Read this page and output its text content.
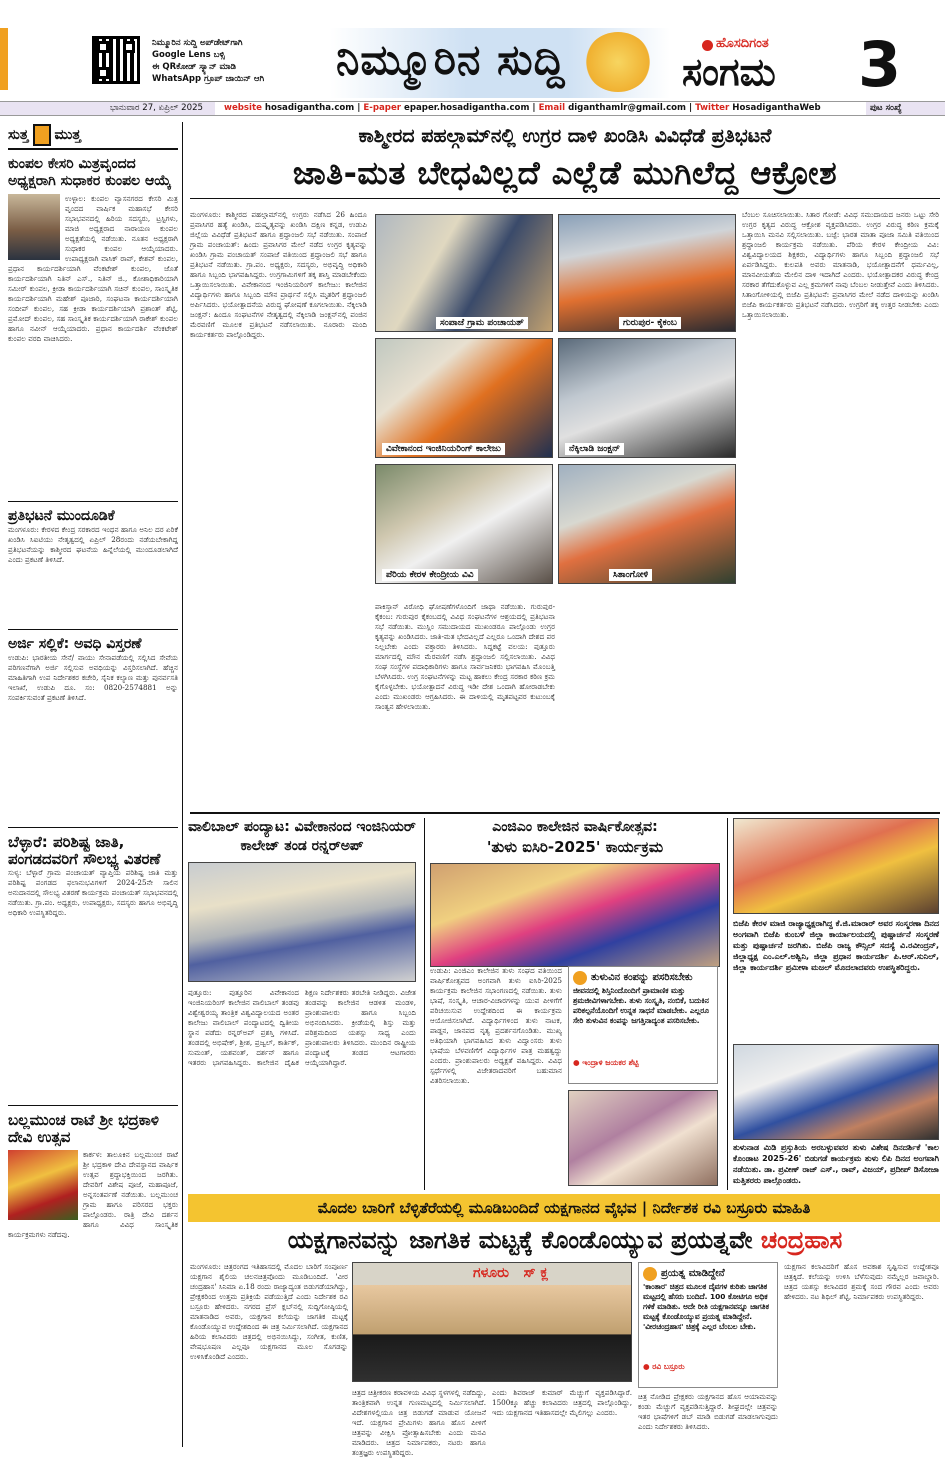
ನಿಮ್ಮೂರಿನ ಸುದ್ದಿ ಅಪ್‌ಡೇಟ್‌ಗಾಗಿ
Google Lens ಬಳ್ಸಿ
ಈ QRಕೋಡ್ ಸ್ಕ್ಯಾನ್ ಮಾಡಿ
WhatsApp ಗ್ರೂಪ್ ಜಾಯಿನ್ ಆಗಿ	ನಿಮ್ಮೂರಿನ ಸುದ್ದಿ	ಹೊಸದಿಗಂತ
ಸಂಗಮ 3
ಭಾನುವಾರ 27, ಏಪ್ರಿಲ್ 2025 website hosadigantha.com | E-paper epaper.hosadigantha.com | Email diganthamlr@gmail.com | Twitter HosadiganthaWeb	ಪುಟ ಸಂಖ್ಯೆ
ಸುತ್ತ ಮುತ್ತ
ಕುಂಪಲ ಕೇಸರಿ ಮಿತ್ರವೃಂದದ ಅಧ್ಯಕ್ಷರಾಗಿ ಸುಧಾಕರ ಕುಂಪಲ ಆಯ್ಕೆ
ಉಳ್ಳಾಲ: ಕುಂಪಲ ವ್ಯಾಸನಗರದ ಕೇಸರಿ ಮಿತ್ರ ವೃಂದದ ವಾರ್ಷಿಕ ಮಹಾಸಭೆ ಕೇಸರಿ ಸಭಾಭವನದಲ್ಲಿ ಹಿರಿಯ ಸದಸ್ಯರು, ಟ್ರಸ್ಟಿಗಳು, ಮಾಜಿ ಅಧ್ಯಕ್ಷರಾದ ನಾರಾಯಣ ಕುಂಪಲ ಅಧ್ಯಕ್ಷತೆಯಲ್ಲಿ ನಡೆಯಿತು. ನೂತನ ಅಧ್ಯಕ್ಷರಾಗಿ ಸುಧಾಕರ ಕುಂಪಲ ಆಯ್ಕೆಯಾದರು. ಉಪಾಧ್ಯಕ್ಷರಾಗಿ ವಾಸಿಕ್ ರಾವ್, ಕೇಶವ್ ಕುಂಪಲ, ಪ್ರಧಾನ ಕಾರ್ಯದರ್ಶಿಯಾಗಿ ವೆಂಕಟೇಶ್ ಕುಂಪಲ, ಜೊತೆ ಕಾರ್ಯದರ್ಶಿಯಾಗಿ ನಿತಿನ್ ಎಸ್., ನಿತಿನ್ ಜಿ., ಕೋಶಾಧಿಕಾರಿಯಾಗಿ ಸಮೀರ್ ಕುಂಪಲ, ಕ್ರೀಡಾ ಕಾರ್ಯದರ್ಶಿಯಾಗಿ ಸಚಿನ್ ಕುಂಪಲ, ಸಾಂಸ್ಕೃತಿಕ ಕಾರ್ಯದರ್ಶಿಯಾಗಿ ಮಹೇಶ್ ಪೂಜಾರಿ, ಸಂಘಟನಾ ಕಾರ್ಯದರ್ಶಿಯಾಗಿ ಸಂದೀಪ್ ಕುಂಪಲ, ಸಹ ಕ್ರೀಡಾ ಕಾರ್ಯದರ್ಶಿಯಾಗಿ ಪ್ರಶಾಂತ್ ಶೆಟ್ಟಿ, ಪ್ರಮೋದ್ ಕುಂಪಲ, ಸಹ ಸಾಂಸ್ಕೃತಿಕ ಕಾರ್ಯದರ್ಶಿಯಾಗಿ ರಾಕೇಶ್ ಕುಂಪಲ ಹಾಗೂ ನವೀನ್ ಆಯ್ಕೆಯಾದರು. ಪ್ರಧಾನ ಕಾರ್ಯದರ್ಶಿ ವೆಂಕಟೇಶ್ ಕುಂಪಲ ವರದಿ ವಾಚಿಸಿದರು.
ಪ್ರತಿಭಟನೆ ಮುಂದೂಡಿಕೆ
ಮಂಗಳೂರು: ಕೇರಳದ ಕೇಂದ್ರ ಸರಕಾರದ ಇಂಧನ ಹಾಗೂ ಅನಿಲ ದರ ಏರಿಕೆ ಖಂಡಿಸಿ ಸಿಐಟಿಯು ನೇತೃತ್ವದಲ್ಲಿ ಏಪ್ರಿಲ್ 28ರಂದು ನಡೆಯಬೇಕಾಗಿದ್ದ ಪ್ರತಿಭಟನೆಯನ್ನು ಕಾಶ್ಮೀರದ ಘಟನೆಯ ಹಿನ್ನೆಲೆಯಲ್ಲಿ ಮುಂದೂಡಲಾಗಿದೆ ಎಂದು ಪ್ರಕಟಣೆ ತಿಳಿಸಿದೆ.
ಅರ್ಜಿ ಸಲ್ಲಿಕೆ: ಅವಧಿ ವಿಸ್ತರಣೆ
ಉಡುಪಿ: ಭಾರತೀಯ ಸೇನೆ/ ವಾಯು ಸೇನಾಪಡೆಯಲ್ಲಿ ಸಲ್ಲಿಸಿದ ಸೇವೆಯ ಪರಿಗಣನೆಗಾಗಿ ಅರ್ಜಿ ಸಲ್ಲಿಸುವ ಅವಧಿಯನ್ನು ವಿಸ್ತರಿಸಲಾಗಿದೆ. ಹೆಚ್ಚಿನ ಮಾಹಿತಿಗಾಗಿ ಉಪ ನಿರ್ದೇಶಕರ ಕಚೇರಿ, ಸೈನಿಕ ಕಲ್ಯಾಣ ಮತ್ತು ಪುನರ್ವಸತಿ ಇಲಾಖೆ, ಉಡುಪಿ ದೂ. ಸಂ: 0820-2574881 ಅನ್ನು ಸಂಪರ್ಕಿಸುವಂತೆ ಪ್ರಕಟಣೆ ತಿಳಿಸಿದೆ.
ಬೆಳ್ಳಾರೆ: ಪರಿಶಿಷ್ಟ ಜಾತಿ, ಪಂಗಡದವರಿಗೆ ಸೌಲಭ್ಯ ವಿತರಣೆ
ಸುಳ್ಯ: ಬೆಳ್ಳಾರೆ ಗ್ರಾಮ ಪಂಚಾಯತ್ ವ್ಯಾಪ್ತಿಯ ಪರಿಶಿಷ್ಟ ಜಾತಿ ಮತ್ತು ಪರಿಶಿಷ್ಟ ಪಂಗಡದ ಫಲಾನುಭವಿಗಳಿಗೆ 2024-25ನೇ ಸಾಲಿನ ಅನುದಾನದಲ್ಲಿ ಸೌಲಭ್ಯ ವಿತರಣೆ ಕಾರ್ಯಕ್ರಮ ಪಂಚಾಯತ್ ಸಭಾಭವನದಲ್ಲಿ ನಡೆಯಿತು. ಗ್ರಾ.ಪಂ. ಅಧ್ಯಕ್ಷರು, ಉಪಾಧ್ಯಕ್ಷರು, ಸದಸ್ಯರು ಹಾಗೂ ಅಭಿವೃದ್ಧಿ ಅಧಿಕಾರಿ ಉಪಸ್ಥಿತರಿದ್ದರು.
ಬಲ್ಲಮುಂಚ ರಾಟೆ ಶ್ರೀ ಭದ್ರಕಾಳಿ ದೇವಿ ಉತ್ಸವ
ಕಾರ್ಕಳ: ತಾಲೂಕಿನ ಬಲ್ಲಮುಂಚ ರಾಟೆ ಶ್ರೀ ಭದ್ರಕಾಳಿ ದೇವಿ ದೇವಸ್ಥಾನದ ವಾರ್ಷಿಕ ಉತ್ಸವ ಶ್ರದ್ಧಾಭಕ್ತಿಯಿಂದ ಜರಗಿತು. ದೇವರಿಗೆ ವಿಶೇಷ ಪೂಜೆ, ಮಹಾಪೂಜೆ, ಅನ್ನಸಂತರ್ಪಣೆ ನಡೆಯಿತು. ಬಲ್ಲಮುಂಚ ಗ್ರಾಮ ಹಾಗೂ ಪರಿಸರದ ಭಕ್ತರು ಪಾಲ್ಗೊಂಡರು. ರಾತ್ರಿ ದೇವಿ ದರ್ಶನ ಹಾಗೂ ವಿವಿಧ ಸಾಂಸ್ಕೃತಿಕ ಕಾರ್ಯಕ್ರಮಗಳು ನಡೆದವು.
ಕಾಶ್ಮೀರದ ಪಹಲ್ಗಾಮ್‌ನಲ್ಲಿ ಉಗ್ರರ ದಾಳಿ ಖಂಡಿಸಿ ವಿವಿಧೆಡೆ ಪ್ರತಿಭಟನೆ
ಜಾತಿ-ಮತ ಬೇಧವಿಲ್ಲದೆ ಎಲ್ಲೆಡೆ ಮುಗಿಲೆದ್ದ ಆಕ್ರೋಶ
ಮಂಗಳೂರು: ಕಾಶ್ಮೀರದ ಪಹಲ್ಗಾಮ್‌ನಲ್ಲಿ ಉಗ್ರರು ನಡೆಸಿದ 26 ಹಿಂದೂ ಪ್ರವಾಸಿಗರ ಹತ್ಯೆ ಖಂಡಿಸಿ, ದುಷ್ಕೃತ್ಯವನ್ನು ಖಂಡಿಸಿ ದಕ್ಷಿಣ ಕನ್ನಡ, ಉಡುಪಿ ಜಿಲ್ಲೆಯ ವಿವಿಧೆಡೆ ಪ್ರತಿಭಟನೆ ಹಾಗೂ ಶ್ರದ್ಧಾಂಜಲಿ ಸಭೆ ನಡೆಯಿತು. ಸಂಪಾಜೆ ಗ್ರಾಮ ಪಂಚಾಯತ್: ಹಿಂದು ಪ್ರವಾಸಿಗರ ಮೇಲೆ ನಡೆದ ಉಗ್ರರ ಕೃತ್ಯವನ್ನು ಖಂಡಿಸಿ ಗ್ರಾಮ ಪಂಚಾಯತ್ ಸಂಪಾಜೆ ವತಿಯಿಂದ ಶ್ರದ್ಧಾಂಜಲಿ ಸಭೆ ಹಾಗೂ ಪ್ರತಿಭಟನೆ ನಡೆಯಿತು. ಗ್ರಾ.ಪಂ. ಅಧ್ಯಕ್ಷರು, ಸದಸ್ಯರು, ಅಭಿವೃದ್ಧಿ ಅಧಿಕಾರಿ ಹಾಗೂ ಸಿಬ್ಬಂದಿ ಭಾಗವಹಿಸಿದ್ದರು. ಉಗ್ರಗಾಮಿಗಳಿಗೆ ತಕ್ಕ ಶಾಸ್ತಿ ಮಾಡಬೇಕೆಂದು ಒತ್ತಾಯಿಸಲಾಯಿತು. ವಿವೇಕಾನಂದ ಇಂಜಿನಿಯರಿಂಗ್ ಕಾಲೇಜು: ಕಾಲೇಜಿನ ವಿದ್ಯಾರ್ಥಿಗಳು ಹಾಗೂ ಸಿಬ್ಬಂದಿ ಮೌನ ಪ್ರಾರ್ಥನೆ ಸಲ್ಲಿಸಿ ಮೃತರಿಗೆ ಶ್ರದ್ಧಾಂಜಲಿ ಅರ್ಪಿಸಿದರು. ಭಯೋತ್ಪಾದನೆಯ ವಿರುದ್ಧ ಘೋಷಣೆ ಕೂಗಲಾಯಿತು. ನೆಕ್ಕಿಲಾಡಿ ಜಂಕ್ಷನ್: ಹಿಂದೂ ಸಂಘಟನೆಗಳ ನೇತೃತ್ವದಲ್ಲಿ ನೆಕ್ಕಿಲಾಡಿ ಜಂಕ್ಷನ್‌ನಲ್ಲಿ ಪಂಜಿನ ಮೆರವಣಿಗೆ ಮೂಲಕ ಪ್ರತಿಭಟನೆ ನಡೆಸಲಾಯಿತು. ನೂರಾರು ಮಂದಿ ಕಾರ್ಯಕರ್ತರು ಪಾಲ್ಗೊಂಡಿದ್ದರು.
ಪಾಕಿಸ್ತಾನ್ ವಿರೋಧಿ ಘೋಷಣೆಗಳೊಂದಿಗೆ ಜಾಥಾ ನಡೆಯಿತು. ಗುರುಪುರ-ಕೈಕಂಬ: ಗುರುಪುರ ಕೈಕಂಬದಲ್ಲಿ ವಿವಿಧ ಸಂಘಟನೆಗಳ ಆಶ್ರಯದಲ್ಲಿ ಪ್ರತಿಭಟನಾ ಸಭೆ ನಡೆಯಿತು. ಮುಸ್ಲಿಂ ಸಮುದಾಯದ ಮುಖಂಡರೂ ಪಾಲ್ಗೊಂಡು ಉಗ್ರರ ಕೃತ್ಯವನ್ನು ಖಂಡಿಸಿದರು. ಜಾತಿ-ಮತ ಭೇದವಿಲ್ಲದೆ ಎಲ್ಲರೂ ಒಂದಾಗಿ ದೇಶದ ಪರ ನಿಲ್ಲಬೇಕು ಎಂದು ವಕ್ತಾರರು ತಿಳಿಸಿದರು. ಸಿದ್ದಕಟ್ಟೆ ವಲಯ: ಪುತ್ತೂರು ಮಾರ್ಗದಲ್ಲಿ ಮೌನ ಮೆರವಣಿಗೆ ನಡೆಸಿ ಶ್ರದ್ಧಾಂಜಲಿ ಸಲ್ಲಿಸಲಾಯಿತು. ವಿವಿಧ ಸಂಘ ಸಂಸ್ಥೆಗಳ ಪದಾಧಿಕಾರಿಗಳು ಹಾಗೂ ಸಾರ್ವಜನಿಕರು ಭಾಗವಹಿಸಿ ಮೊಂಬತ್ತಿ ಬೆಳಗಿಸಿದರು. ಉಗ್ರ ಸಂಘಟನೆಗಳನ್ನು ಮಟ್ಟ ಹಾಕಲು ಕೇಂದ್ರ ಸರಕಾರ ಕಠಿಣ ಕ್ರಮ ಕೈಗೊಳ್ಳಬೇಕು. ಭಯೋತ್ಪಾದನೆ ವಿರುದ್ಧ ಇಡೀ ದೇಶ ಒಂದಾಗಿ ಹೋರಾಡಬೇಕು ಎಂದು ಮುಖಂಡರು ಆಗ್ರಹಿಸಿದರು. ಈ ದಾಳಿಯಲ್ಲಿ ಮೃತಪಟ್ಟವರ ಕುಟುಂಬಕ್ಕೆ ಸಾಂತ್ವನ ಹೇಳಲಾಯಿತು.
ಬೆಂಬಲ ಸೂಚಿಸಲಾಯಿತು. ಸಿತಾರ ಗೋಡೆ: ವಿವಿಧ ಸಮುದಾಯದ ಜನರು ಒಟ್ಟು ಸೇರಿ ಉಗ್ರರ ಕೃತ್ಯದ ವಿರುದ್ಧ ಆಕ್ರೋಶ ವ್ಯಕ್ತಪಡಿಸಿದರು. ಉಗ್ರರ ವಿರುದ್ಧ ಕಠಿಣ ಕ್ರಮಕ್ಕೆ ಒತ್ತಾಯಿಸಿ ಮನವಿ ಸಲ್ಲಿಸಲಾಯಿತು. ಬಜ್ಪೆ: ಭಾರತ ಮಾತಾ ಪೂಜಾ ಸಮಿತಿ ವತಿಯಿಂದ ಶ್ರದ್ಧಾಂಜಲಿ ಕಾರ್ಯಕ್ರಮ ನಡೆಯಿತು. ಪೆರಿಯ ಕೇರಳ ಕೇಂದ್ರೀಯ ವಿವಿ: ವಿಶ್ವವಿದ್ಯಾಲಯದ ಶಿಕ್ಷಕರು, ವಿದ್ಯಾರ್ಥಿಗಳು ಹಾಗೂ ಸಿಬ್ಬಂದಿ ಶ್ರದ್ಧಾಂಜಲಿ ಸಭೆ ಏರ್ಪಡಿಸಿದ್ದರು. ಕುಲಪತಿ ಅವರು ಮಾತನಾಡಿ, ಭಯೋತ್ಪಾದನೆಗೆ ಧರ್ಮವಿಲ್ಲ, ಮಾನವೀಯತೆಯ ಮೇಲಿನ ದಾಳಿ ಇದಾಗಿದೆ ಎಂದರು. ಭಯೋತ್ಪಾದಕರ ವಿರುದ್ಧ ಕೇಂದ್ರ ಸರಕಾರ ತೆಗೆದುಕೊಳ್ಳುವ ಎಲ್ಲ ಕ್ರಮಗಳಿಗೆ ನಾವು ಬೆಂಬಲ ನೀಡುತ್ತೇವೆ ಎಂದು ತಿಳಿಸಿದರು. ಸಿತಾಂಗೋಳಿಯಲ್ಲಿ ಬಿಜೆಪಿ ಪ್ರತಿಭಟನೆ: ಪ್ರವಾಸಿಗರ ಮೇಲೆ ನಡೆದ ದಾಳಿಯನ್ನು ಖಂಡಿಸಿ ಬಿಜೆಪಿ ಕಾರ್ಯಕರ್ತರು ಪ್ರತಿಭಟನೆ ನಡೆಸಿದರು. ಉಗ್ರರಿಗೆ ತಕ್ಕ ಉತ್ತರ ನೀಡಬೇಕು ಎಂದು ಒತ್ತಾಯಿಸಲಾಯಿತು.
ಸಂಪಾಜೆ ಗ್ರಾಮ ಪಂಚಾಯತ್	ಗುರುಪುರ- ಕೈಕಂಬ
ವಿವೇಕಾನಂದ ಇಂಜಿನಿಯರಿಂಗ್ ಕಾಲೇಜು	ನೆಕ್ಕಿಲಾಡಿ ಜಂಕ್ಷನ್
ಪೆರಿಯ ಕೇರಳ ಕೇಂದ್ರೀಯ ವಿವಿ	ಸಿತಾಂಗೋಳಿ
ವಾಲಿಬಾಲ್ ಪಂದ್ಯಾಟ: ವಿವೇಕಾನಂದ ಇಂಜಿನಿಯರ್ ಕಾಲೇಜ್ ತಂಡ ರನ್ನರ್‌ಅಪ್
ಪುತ್ತೂರು: ಪುತ್ತೂರಿನ ವಿವೇಕಾನಂದ ಇಂಜಿನಿಯರಿಂಗ್ ಕಾಲೇಜಿನ ವಾಲಿಬಾಲ್ ತಂಡವು ವಿಶ್ವೇಶ್ವರಯ್ಯ ತಾಂತ್ರಿಕ ವಿಶ್ವವಿದ್ಯಾಲಯದ ಅಂತರ ಕಾಲೇಜು ವಾಲಿಬಾಲ್ ಪಂದ್ಯಾಟದಲ್ಲಿ ದ್ವಿತೀಯ ಸ್ಥಾನ ಪಡೆದು ರನ್ನರ್‌ಅಪ್ ಪ್ರಶಸ್ತಿ ಗಳಿಸಿದೆ. ತಂಡದಲ್ಲಿ ಅಭಿಷೇಕ್, ಶ್ರೀಶ, ಪ್ರಜ್ವಲ್, ಕಾರ್ತಿಕ್, ಸುಮಂತ್, ಯಶವಂತ್, ದರ್ಶನ್ ಹಾಗೂ ಇತರರು ಭಾಗವಹಿಸಿದ್ದರು. ಕಾಲೇಜಿನ ದೈಹಿಕ ಶಿಕ್ಷಣ ನಿರ್ದೇಶಕರು ತರಬೇತಿ ನೀಡಿದ್ದರು. ವಿಜೇತ ತಂಡವನ್ನು ಕಾಲೇಜಿನ ಆಡಳಿತ ಮಂಡಳಿ, ಪ್ರಾಂಶುಪಾಲರು ಹಾಗೂ ಸಿಬ್ಬಂದಿ ಅಭಿನಂದಿಸಿದರು. ಕ್ರೀಡೆಯಲ್ಲಿ ಶಿಸ್ತು ಮತ್ತು ಪರಿಶ್ರಮದಿಂದ ಯಶಸ್ಸು ಸಾಧ್ಯ ಎಂದು ಪ್ರಾಂಶುಪಾಲರು ತಿಳಿಸಿದರು. ಮುಂದಿನ ರಾಷ್ಟ್ರೀಯ ಪಂದ್ಯಾಟಕ್ಕೆ ತಂಡದ ಆಟಗಾರರು ಆಯ್ಕೆಯಾಗಿದ್ದಾರೆ.
ಎಂಜಿಎಂ ಕಾಲೇಜಿನ ವಾರ್ಷಿಕೋತ್ಸವ:
'ತುಳು ಐಸಿರಿ-2025' ಕಾರ್ಯಕ್ರಮ
ಉಡುಪಿ: ಎಂಜಿಎಂ ಕಾಲೇಜಿನ ತುಳು ಸಂಘದ ವತಿಯಿಂದ ವಾರ್ಷಿಕೋತ್ಸವದ ಅಂಗವಾಗಿ ತುಳು ಐಸಿರಿ-2025 ಕಾರ್ಯಕ್ರಮ ಕಾಲೇಜಿನ ಸಭಾಂಗಣದಲ್ಲಿ ನಡೆಯಿತು. ತುಳು ಭಾಷೆ, ಸಂಸ್ಕೃತಿ, ಆಚಾರ-ವಿಚಾರಗಳನ್ನು ಯುವ ಪೀಳಿಗೆಗೆ ಪರಿಚಯಿಸುವ ಉದ್ದೇಶದಿಂದ ಈ ಕಾರ್ಯಕ್ರಮ ಆಯೋಜಿಸಲಾಗಿದೆ. ವಿದ್ಯಾರ್ಥಿಗಳಿಂದ ತುಳು ನಾಟಕ, ಪಾಡ್ದನ, ಜಾನಪದ ನೃತ್ಯ ಪ್ರದರ್ಶನಗೊಂಡಿತು. ಮುಖ್ಯ ಅತಿಥಿಯಾಗಿ ಭಾಗವಹಿಸಿದ ತುಳು ವಿದ್ವಾಂಸರು ತುಳು ಭಾಷೆಯ ಬೆಳವಣಿಗೆಗೆ ವಿದ್ಯಾರ್ಥಿಗಳ ಪಾತ್ರ ಮಹತ್ವದ್ದು ಎಂದರು. ಪ್ರಾಂಶುಪಾಲರು ಅಧ್ಯಕ್ಷತೆ ವಹಿಸಿದ್ದರು. ವಿವಿಧ ಸ್ಪರ್ಧೆಗಳಲ್ಲಿ ವಿಜೇತರಾದವರಿಗೆ ಬಹುಮಾನ ವಿತರಿಸಲಾಯಿತು.
ತುಳುವಿನ ಕಂಪನ್ನು ಪಸರಿಸಬೇಕು
ಜೀವನದಲ್ಲಿ ಶಿಸ್ತಿನಿಂದೊಂದಿಗೆ ಪ್ರಾಮಾಣಿಕ ಮತ್ತು ಶ್ರಮಜೀವಿಗಳಾಗಬೇಕು. ತುಳು ಸಂಸ್ಕೃತಿ, ನಂಬಿಕೆ, ಬದುಕಿನ ಪರಿಕಲ್ಪನೆಯೊಂದಿಗೆ ಉನ್ನತ ಸಾಧನೆ ಮಾಡಬೇಕು. ಎಲ್ಲರೂ ಸೇರಿ ತುಳುವಿನ ಕಂಪನ್ನು ಜಗತ್ತಿನಾದ್ಯಂತ ಪಸರಿಸಬೇಕು.
● ಇಂದ್ರಾಳಿ ಜಯಕರ ಶೆಟ್ಟಿ
ಬಿಜೆಪಿ ಕೇರಳ ಮಾಜಿ ರಾಜ್ಯಾಧ್ಯಕ್ಷರಾಗಿದ್ದ ಕೆ.ಜಿ.ಮಾರಾರ್ ಅವರ ಸಂಸ್ಮರಣಾ ದಿನದ ಅಂಗವಾಗಿ ಬಿಜೆಪಿ ಕುಂಬಳೆ ಜಿಲ್ಲಾ ಕಾರ್ಯಾಲಯದಲ್ಲಿ ಪುಷ್ಪಾರ್ಚನೆ ಸಂಸ್ಮರಣೆ ಮತ್ತು ಪುಷ್ಪಾರ್ಚನೆ ಜರಗಿತು. ಬಿಜೆಪಿ ರಾಜ್ಯ ಕೌನ್ಸಿಲ್ ಸದಸ್ಯೆ ವಿ.ರವೀಂದ್ರನ್, ಜಿಲ್ಲಾಧ್ಯಕ್ಷ ಎಂ.ಎಲ್.ಅಶ್ವಿನಿ, ಜಿಲ್ಲಾ ಪ್ರಧಾನ ಕಾರ್ಯದರ್ಶಿ ಪಿ.ಆರ್.ಸುನಿಲ್, ಜಿಲ್ಲಾ ಕಾರ್ಯದರ್ಶಿ ಪ್ರಮೀಳಾ ಮಜಲ್ ಮೊದಲಾದವರು ಉಪಸ್ಥಿತರಿದ್ದರು.
ತುಳುನಾಡ ಮಿಡಿ ಪ್ರಸ್ತುತಿಯ ಅರಬಳ್ಳುವವರ ತುಳು ವಿಶೇಷ ದಿನದರ್ಶಿಕೆ 'ಕಾಲ ಕೊಂಡಾಟ 2025-26' ಬಿಡುಗಡೆ ಕಾರ್ಯಕ್ರಮ ತುಳು ಲಿಪಿ ದಿನದ ಅಂಗವಾಗಿ ನಡೆಯಿತು. ಡಾ. ಪ್ರವೀಣ್ ರಾಜ್ ಎಸ್., ರಾವ್, ವಿಜಯ್, ಪ್ರದೀಪ್ ಡಿಸೋಜಾ ಮತ್ತಿತರರು ಪಾಲ್ಗೊಂಡರು.
ಮೊದಲ ಬಾರಿಗೆ ಬೆಳ್ಳಿತೆರೆಯಲ್ಲಿ ಮೂಡಿಬಂದಿದೆ ಯಕ್ಷಗಾನದ ವೈಭವ | ನಿರ್ದೇಶಕ ರವಿ ಬಸ್ರೂರು ಮಾಹಿತಿ
ಯಕ್ಷಗಾನವನ್ನು ಜಾಗತಿಕ ಮಟ್ಟಕ್ಕೆ ಕೊಂಡೊಯ್ಯುವ ಪ್ರಯತ್ನವೇ ಚಂದ್ರಹಾಸ
ಮಂಗಳೂರು: ಚಿತ್ರರಂಗದ ಇತಿಹಾಸದಲ್ಲಿ ಮೊದಲ ಬಾರಿಗೆ ಸಂಪೂರ್ಣ ಯಕ್ಷಗಾನ ಶೈಲಿಯ ಚಲನಚಿತ್ರವೊಂದು ಮೂಡಿಬಂದಿದೆ. 'ವೀರ ಚಂದ್ರಹಾಸ' ಸಿನಿಮಾ ಏ.18 ರಂದು ರಾಜ್ಯಾದ್ಯಂತ ಬಿಡುಗಡೆಯಾಗಿದ್ದು, ಪ್ರೇಕ್ಷಕರಿಂದ ಉತ್ತಮ ಪ್ರತಿಕ್ರಿಯೆ ಪಡೆಯುತ್ತಿದೆ ಎಂದು ನಿರ್ದೇಶಕ ರವಿ ಬಸ್ರೂರು ಹೇಳಿದರು. ನಗರದ ಪ್ರೆಸ್ ಕ್ಲಬ್‌ನಲ್ಲಿ ಸುದ್ದಿಗೋಷ್ಠಿಯಲ್ಲಿ ಮಾತನಾಡಿದ ಅವರು, ಯಕ್ಷಗಾನ ಕಲೆಯನ್ನು ಜಾಗತಿಕ ಮಟ್ಟಕ್ಕೆ ಕೊಂಡೊಯ್ಯುವ ಉದ್ದೇಶದಿಂದ ಈ ಚಿತ್ರ ನಿರ್ಮಿಸಲಾಗಿದೆ. ಯಕ್ಷಗಾನದ ಹಿರಿಯ ಕಲಾವಿದರು ಚಿತ್ರದಲ್ಲಿ ಅಭಿನಯಿಸಿದ್ದು, ಸಂಗೀತ, ಕುಣಿತ, ವೇಷಭೂಷಣ ಎಲ್ಲವೂ ಯಕ್ಷಗಾನದ ಮೂಲ ಸೊಗಡನ್ನು ಉಳಿಸಿಕೊಂಡಿದೆ ಎಂದರು.
ಗಳೂರು   ಸ್ ಕ್ಲ
ಚಿತ್ರದ ಚಿತ್ರೀಕರಣ ಕರಾವಳಿಯ ವಿವಿಧ ಸ್ಥಳಗಳಲ್ಲಿ ನಡೆದಿದ್ದು, ತಾಂತ್ರಿಕವಾಗಿ ಉನ್ನತ ಗುಣಮಟ್ಟದಲ್ಲಿ ನಿರ್ಮಿಸಲಾಗಿದೆ. ವಿದೇಶಗಳಲ್ಲಿಯೂ ಚಿತ್ರ ಬಿಡುಗಡೆ ಮಾಡುವ ಯೋಜನೆ ಇದೆ. ಯಕ್ಷಗಾನ ಪ್ರೇಮಿಗಳು ಹಾಗೂ ಹೊಸ ಪೀಳಿಗೆ ಚಿತ್ರವನ್ನು ವೀಕ್ಷಿಸಿ ಪ್ರೋತ್ಸಾಹಿಸಬೇಕು ಎಂದು ಮನವಿ ಮಾಡಿದರು. ಚಿತ್ರದ ನಿರ್ಮಾಪಕರು, ನಟರು ಹಾಗೂ ತಂತ್ರಜ್ಞರು ಉಪಸ್ಥಿತರಿದ್ದರು.
ಎಂದು ಶಿವರಾಜ್ ಕುಮಾರ್ ಮೆಚ್ಚುಗೆ ವ್ಯಕ್ತಪಡಿಸಿದ್ದಾರೆ. 1500ಕ್ಕೂ ಹೆಚ್ಚು ಕಲಾವಿದರು ಚಿತ್ರದಲ್ಲಿ ಪಾಲ್ಗೊಂಡಿದ್ದು, ಇದು ಯಕ್ಷಗಾನದ ಇತಿಹಾಸದಲ್ಲೇ ಮೈಲಿಗಲ್ಲು ಎಂದರು.
ಪ್ರಯತ್ನ ಮಾಡಿದ್ದೇನೆ
'ಕಾಂತಾರ' ಚಿತ್ರದ ಮೂಲಕ ದೈವಗಳ ಕುರಿತು ಜಾಗತಿಕ ಮಟ್ಟದಲ್ಲಿ ಹೆಸರು ಬಂದಿದೆ. 100 ಕೋಟಿಗೂ ಅಧಿಕ ಗಳಿಕೆ ಮಾಡಿತು. ಅದೇ ರೀತಿ ಯಕ್ಷಗಾನವನ್ನೂ ಜಾಗತಿಕ ಮಟ್ಟಕ್ಕೆ ಕೊಂಡೊಯ್ಯುವ ಪ್ರಯತ್ನ ಮಾಡಿದ್ದೇನೆ. 'ವೀರಚಂದ್ರಹಾಸ' ಚಿತ್ರಕ್ಕೆ ಎಲ್ಲರ ಬೆಂಬಲ ಬೇಕು.
● ರವಿ ಬಸ್ರೂರು
ಚಿತ್ರ ನೋಡಿದ ಪ್ರೇಕ್ಷಕರು ಯಕ್ಷಗಾನದ ಹೊಸ ಆಯಾಮವನ್ನು ಕಂಡು ಮೆಚ್ಚುಗೆ ವ್ಯಕ್ತಪಡಿಸುತ್ತಿದ್ದಾರೆ. ಶೀಘ್ರದಲ್ಲೇ ಚಿತ್ರವನ್ನು ಇತರ ಭಾಷೆಗಳಿಗೆ ಡಬ್ ಮಾಡಿ ಬಿಡುಗಡೆ ಮಾಡಲಾಗುವುದು ಎಂದು ನಿರ್ದೇಶಕರು ತಿಳಿಸಿದರು.
ಯಕ್ಷಗಾನ ಕಲಾವಿದರಿಗೆ ಹೊಸ ಅವಕಾಶ ಸೃಷ್ಟಿಸುವ ಉದ್ದೇಶವೂ ಚಿತ್ರಕ್ಕಿದೆ. ಕಲೆಯನ್ನು ಉಳಿಸಿ ಬೆಳೆಸುವುದು ನಮ್ಮೆಲ್ಲರ ಜವಾಬ್ದಾರಿ. ಚಿತ್ರದ ಯಶಸ್ಸು ಕಲಾವಿದರ ಶ್ರಮಕ್ಕೆ ಸಂದ ಗೌರವ ಎಂದು ಅವರು ಹೇಳಿದರು. ನಟ ಶಿಥಿಲ್ ಶೆಟ್ಟಿ, ನಿರ್ಮಾಪಕರು ಉಪಸ್ಥಿತರಿದ್ದರು.
